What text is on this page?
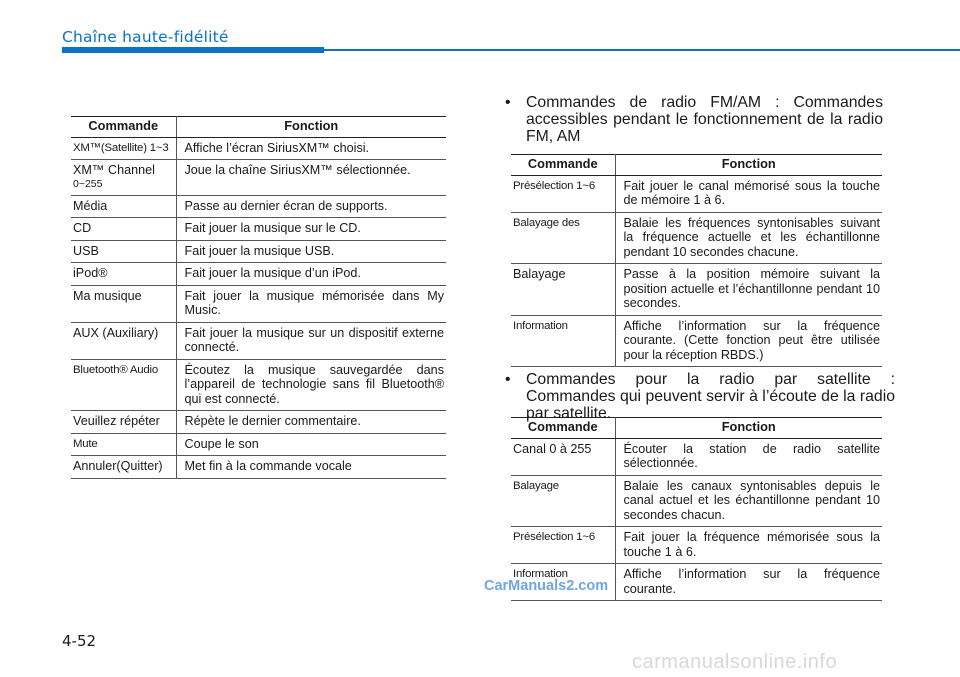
Chaîne haute-fidélité
Commande	Fonction
XM™(Satellite) 1~3	Affiche l’écran SiriusXM™ choisi.
XM™ Channel
0~255	Joue la chaîne SiriusXM™ sélectionnée.
Média	Passe au dernier écran de supports.
CD	Fait jouer la musique sur le CD.
USB	Fait jouer la musique USB.
iPod®	Fait jouer la musique d’un iPod.
Ma musique	Fait jouer la musique mémorisée dans My Music.
AUX (Auxiliary)	Fait jouer la musique sur un dispositif externe connecté.
Bluetooth® Audio	Écoutez la musique sauvegardée dans l’appareil de technologie sans fil Bluetooth® qui est connecté.
Veuillez répéter	Répète le dernier commentaire.
Mute	Coupe le son
Annuler(Quitter)	Met fin à la commande vocale
• Commandes de radio FM/AM : Commandes accessibles pendant le fonctionnement de la radio FM, AM
Commande	Fonction
Présélection 1~6	Fait jouer le canal mémorisé sous la touche de mémoire 1 à 6.
Balayage des	Balaie les fréquences syntonisables suivant la fréquence actuelle et les échantillonne pendant 10 secondes chacune.
Balayage	Passe à la position mémoire suivant la position actuelle et l’échantillonne pendant 10 secondes.
Information	Affiche l’information sur la fréquence courante. (Cette fonction peut être utilisée pour la réception RBDS.)
• Commandes pour la radio par satellite : Commandes qui peuvent servir à l’écoute de la radio par satellite.
Commande	Fonction
Canal 0 à 255	Écouter la station de radio satellite sélectionnée.
Balayage	Balaie les canaux syntonisables depuis le canal actuel et les échantillonne pendant 10 secondes chacun.
Présélection 1~6	Fait jouer la fréquence mémorisée sous la touche 1 à 6.
Information	Affiche l’information sur la fréquence courante.
CarManuals2.com
4-52
carmanualsonline.info
